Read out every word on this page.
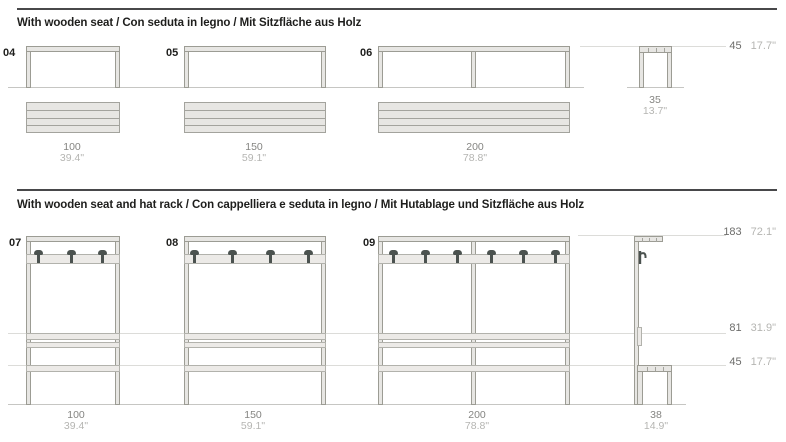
With wooden seat / Con seduta in legno / Mit Sitzfläche aus Holz
04	05	06
45 17.7"
100
39.4"
150
59.1"
200
78.8"
35
13.7"
With wooden seat and hat rack / Con cappelliera e seduta in legno / Mit Hutablage und Sitzfläche aus Holz
07	08	09
183 72.1"
81 31.9"
45 17.7"
100
39.4"
150
59.1"
200
78.8"
38
14.9"
